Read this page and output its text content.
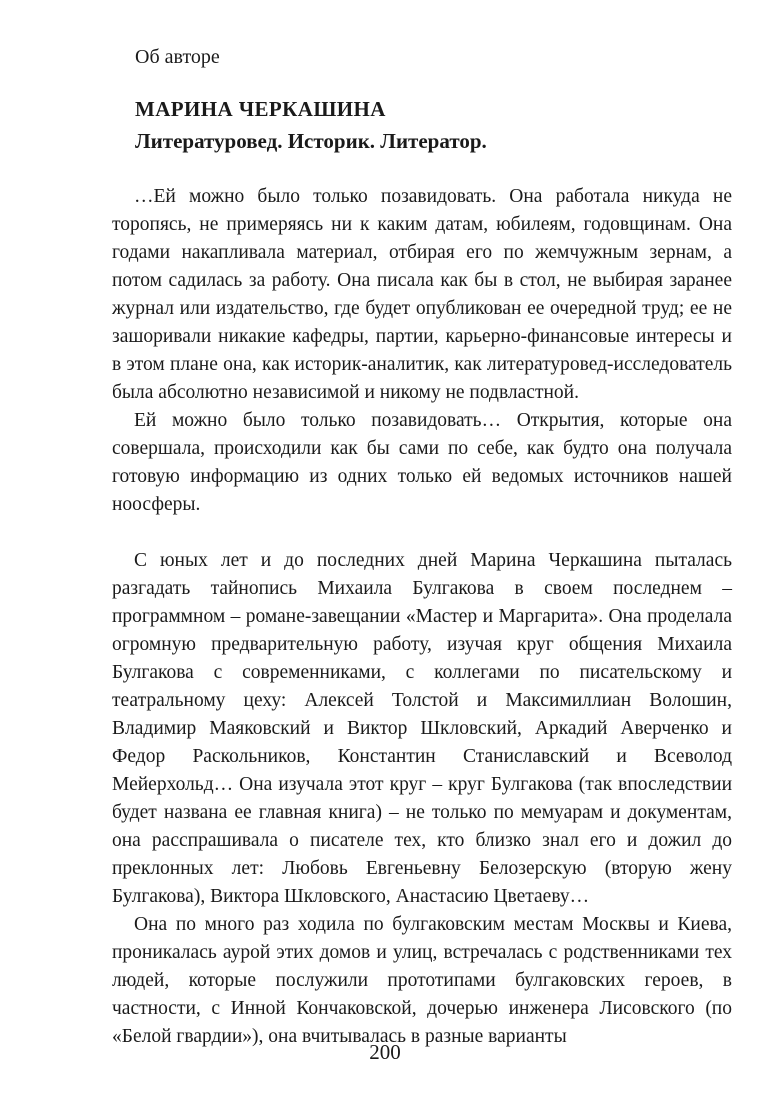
Об авторе
МАРИНА ЧЕРКАШИНА
Литературовед. Историк. Литератор.

…Ей можно было только позавидовать. Она работала никуда не торопясь, не примеряясь ни к каким датам, юбилеям, годовщинам. Она годами накапливала материал, отбирая его по жемчужным зернам, а потом садилась за работу. Она писала как бы в стол, не выбирая заранее журнал или издательство, где будет опубликован ее очередной труд; ее не зашоривали никакие кафедры, партии, карьерно-финансовые интересы и в этом плане она, как историк-аналитик, как литературовед-исследователь была абсолютно независимой и никому не подвластной.

Ей можно было только позавидовать… Открытия, которые она совершала, происходили как бы сами по себе, как будто она получала готовую информацию из одних только ей ведомых источников нашей ноосферы.

С юных лет и до последних дней Марина Черкашина пыталась разгадать тайнопись Михаила Булгакова в своем последнем – программном – романе-завещании «Мастер и Маргарита». Она проделала огромную предварительную работу, изучая круг общения Михаила Булгакова с современниками, с коллегами по писательскому и театральному цеху: Алексей Толстой и Максимиллиан Волошин, Владимир Маяковский и Виктор Шкловский, Аркадий Аверченко и Федор Раскольников, Константин Станиславский и Всеволод Мейерхольд… Она изучала этот круг – круг Булгакова (так впоследствии будет названа ее главная книга) – не только по мемуарам и документам, она расспрашивала о писателе тех, кто близко знал его и дожил до преклонных лет: Любовь Евгеньевну Белозерскую (вторую жену Булгакова), Виктора Шкловского, Анастасию Цветаеву…

Она по много раз ходила по булгаковским местам Москвы и Киева, проникалась аурой этих домов и улиц, встречалась с родственниками тех людей, которые послужили прототипами булгаковских героев, в частности, с Инной Кончаковской, дочерью инженера Лисовского (по «Белой гвардии»), она вчитывалась в разные варианты

200
